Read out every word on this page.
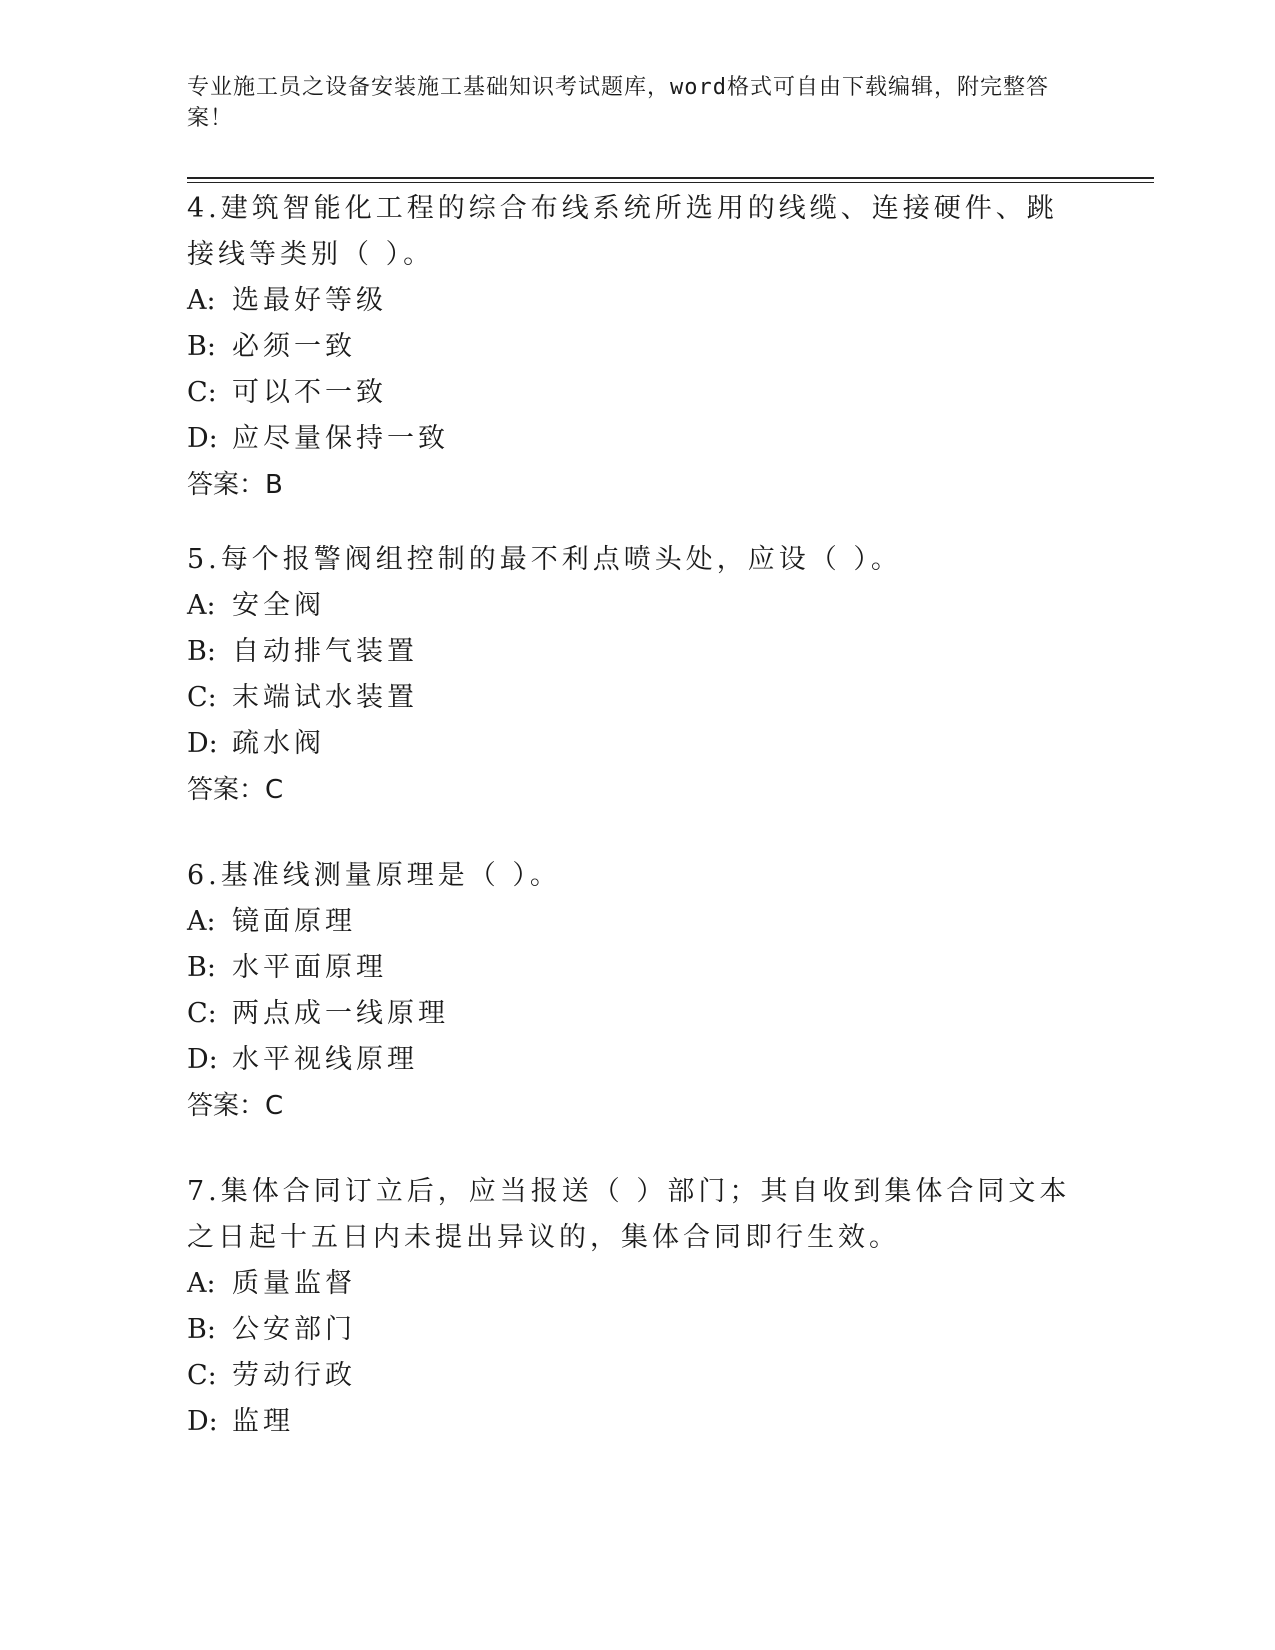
专业施工员之设备安装施工基础知识考试题库，word格式可自由下载编辑，附完整答案！

4.建筑智能化工程的综合布线系统所选用的线缆、连接硬件、跳接线等类别（ ）。

A: 选最好等级

B: 必须一致

C: 可以不一致

D: 应尽量保持一致

答案：B

5.每个报警阀组控制的最不利点喷头处，应设（ ）。

A: 安全阀

B: 自动排气装置

C: 末端试水装置

D: 疏水阀

答案：C

6.基准线测量原理是（ ）。

A: 镜面原理

B: 水平面原理

C: 两点成一线原理

D: 水平视线原理

答案：C

7.集体合同订立后，应当报送（ ）部门；其自收到集体合同文本之日起十五日内未提出异议的，集体合同即行生效。

A: 质量监督

B: 公安部门

C: 劳动行政

D: 监理
